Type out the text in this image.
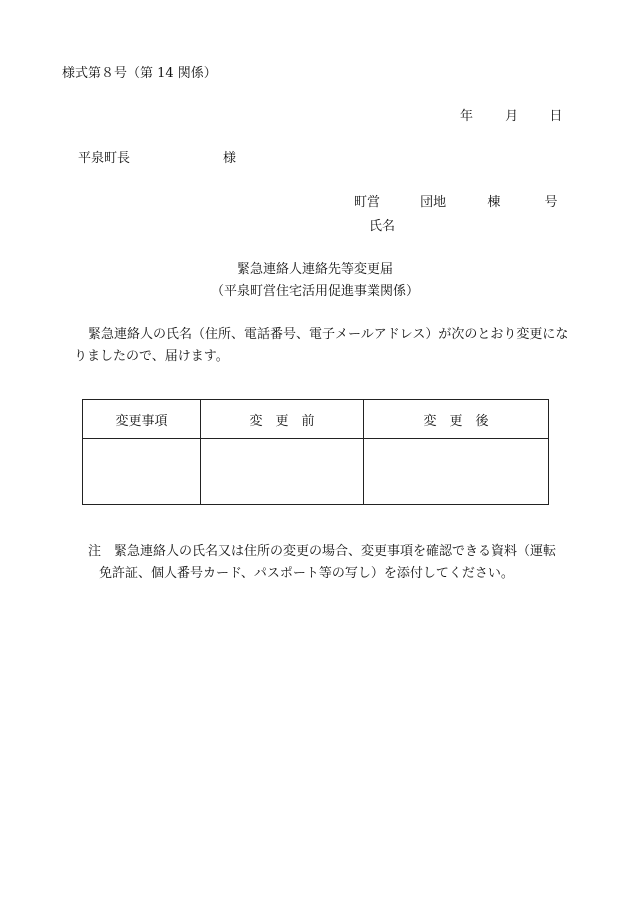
様式第８号（第 14 関係）
年 月 日
平泉町長	様
町営	団地	棟	号
氏名
緊急連絡人連絡先等変更届
（平泉町営住宅活用促進事業関係）
緊急連絡人の氏名（住所、電話番号、電子メールアドレス）が次のとおり変更になりましたので、届けます。
変更事項	変　更　前	変　更　後

注 緊急連絡人の氏名又は住所の変更の場合、変更事項を確認できる資料（運転
免許証、個人番号カード、パスポート等の写し）を添付してください。
